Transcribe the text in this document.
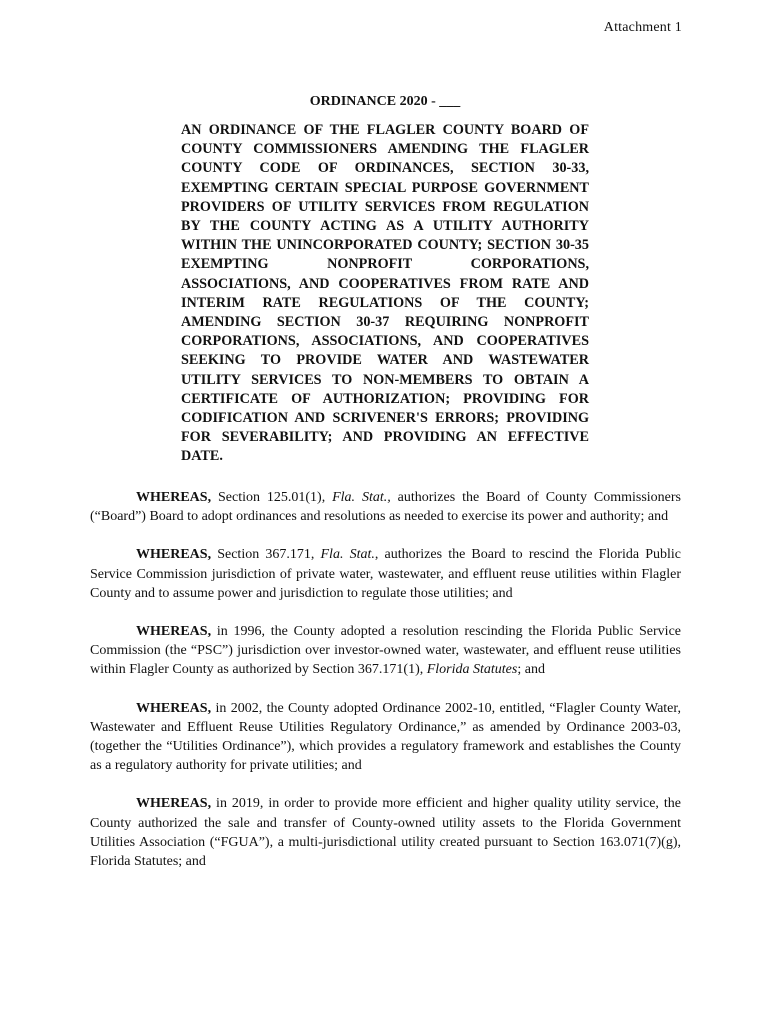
Attachment 1
ORDINANCE 2020 - ___
AN ORDINANCE OF THE FLAGLER COUNTY BOARD OF COUNTY COMMISSIONERS AMENDING THE FLAGLER COUNTY CODE OF ORDINANCES, SECTION 30-33, EXEMPTING CERTAIN SPECIAL PURPOSE GOVERNMENT PROVIDERS OF UTILITY SERVICES FROM REGULATION BY THE COUNTY ACTING AS A UTILITY AUTHORITY WITHIN THE UNINCORPORATED COUNTY; SECTION 30-35 EXEMPTING NONPROFIT CORPORATIONS, ASSOCIATIONS, AND COOPERATIVES FROM RATE AND INTERIM RATE REGULATIONS OF THE COUNTY; AMENDING SECTION 30-37 REQUIRING NONPROFIT CORPORATIONS, ASSOCIATIONS, AND COOPERATIVES SEEKING TO PROVIDE WATER AND WASTEWATER UTILITY SERVICES TO NON-MEMBERS TO OBTAIN A CERTIFICATE OF AUTHORIZATION; PROVIDING FOR CODIFICATION AND SCRIVENER'S ERRORS; PROVIDING FOR SEVERABILITY; AND PROVIDING AN EFFECTIVE DATE.

WHEREAS, Section 125.01(1), Fla. Stat., authorizes the Board of County Commissioners (“Board”) Board to adopt ordinances and resolutions as needed to exercise its power and authority; and

WHEREAS, Section 367.171, Fla. Stat., authorizes the Board to rescind the Florida Public Service Commission jurisdiction of private water, wastewater, and effluent reuse utilities within Flagler County and to assume power and jurisdiction to regulate those utilities; and

WHEREAS, in 1996, the County adopted a resolution rescinding the Florida Public Service Commission (the “PSC”) jurisdiction over investor-owned water, wastewater, and effluent reuse utilities within Flagler County as authorized by Section 367.171(1), Florida Statutes; and

WHEREAS, in 2002, the County adopted Ordinance 2002-10, entitled, “Flagler County Water, Wastewater and Effluent Reuse Utilities Regulatory Ordinance,” as amended by Ordinance 2003-03, (together the “Utilities Ordinance”), which provides a regulatory framework and establishes the County as a regulatory authority for private utilities; and

WHEREAS, in 2019, in order to provide more efficient and higher quality utility service, the County authorized the sale and transfer of County-owned utility assets to the Florida Government Utilities Association (“FGUA”), a multi-jurisdictional utility created pursuant to Section 163.071(7)(g), Florida Statutes; and
